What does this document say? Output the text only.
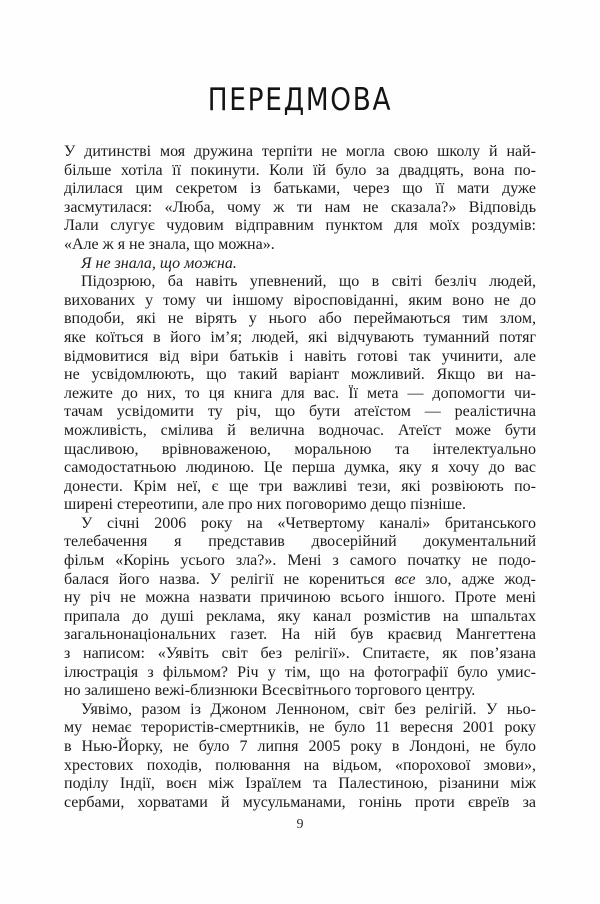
ПЕРЕДМОВА
У дитинстві моя дружина терпіти не могла свою школу й най-
більше хотіла її покинути. Коли їй було за двадцять, вона по-
ділилася цим секретом із батьками, через що її мати дуже
засмутилася: «Люба, чому ж ти нам не сказала?» Відповідь
Лали слугує чудовим відправним пунктом для моїх роздумів:
«Але ж я не знала, що можна».
Я не знала, що можна.
Підозрюю, ба навіть упевнений, що в світі безліч людей,
вихованих у тому чи іншому віросповіданні, яким воно не до
вподоби, які не вірять у нього або переймаються тим злом,
яке коїться в його ім’я; людей, які відчувають туманний потяг
відмовитися від віри батьків і навіть готові так учинити, але
не усвідомлюють, що такий варіант можливий. Якщо ви на-
лежите до них, то ця книга для вас. Її мета — допомогти чи-
тачам усвідомити ту річ, що бути атеїстом — реалістична
можливість, смілива й велична водночас. Атеїст може бути
щасливою, врівноваженою, моральною та інтелектуально
самодостатньою людиною. Це перша думка, яку я хочу до вас
донести. Крім неї, є ще три важливі тези, які розвіюють по-
ширені стереотипи, але про них поговоримо дещо пізніше.
У січні 2006 року на «Четвертому каналі» британського
телебачення я представив двосерійний документальний
фільм «Корінь усього зла?». Мені з самого початку не подо-
балася його назва. У релігії не корениться все зло, адже жод-
ну річ не можна назвати причиною всього іншого. Проте мені
припала до душі реклама, яку канал розмістив на шпальтах
загальнонаціональних газет. На ній був краєвид Мангеттена
з написом: «Уявіть світ без релігії». Спитаєте, як пов’язана
ілюстрація з фільмом? Річ у тім, що на фотографії було умис-
но залишено вежі-близнюки Всесвітнього торгового центру.
Уявімо, разом із Джоном Ленноном, світ без релігій. У ньо-
му немає терористів-смертників, не було 11 вересня 2001 року
в Нью-Йорку, не було 7 липня 2005 року в Лондоні, не було
хрестових походів, полювання на відьом, «порохової змови»,
поділу Індії, воєн між Ізраїлем та Палестиною, різанини між
сербами, хорватами й мусульманами, гонінь проти євреїв за
9
